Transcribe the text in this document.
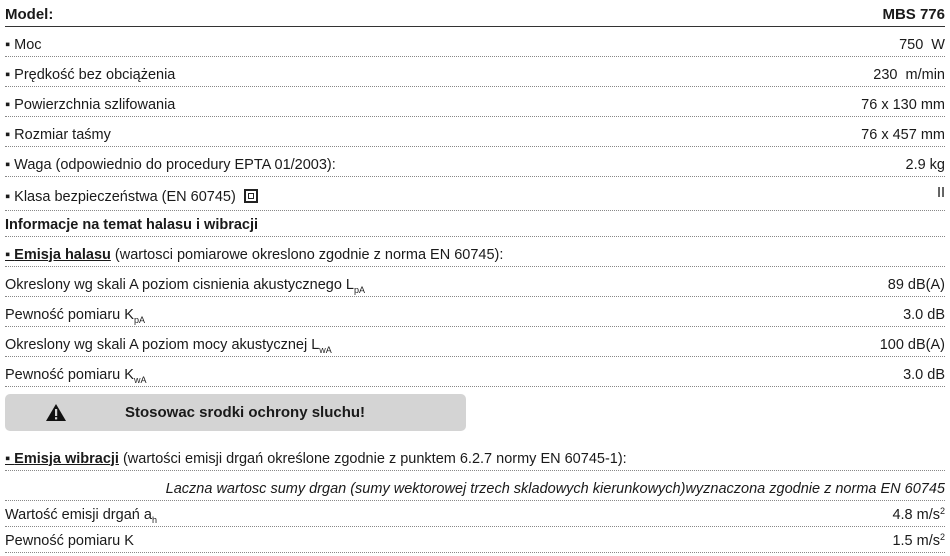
Model:	MBS 776
▪ Moc	750  W
▪ Prędkość bez obciążenia	230  m/min
▪ Powierzchnia szlifowania	76 x 130 mm
▪ Rozmiar taśmy	76 x 457 mm
▪ Waga (odpowiednio do procedury EPTA 01/2003):	2.9 kg
▪ Klasa bezpieczeństwa (EN 60745)	II
Informacje na temat halasu i wibracji
▪ Emisja halasu (wartosci pomiarowe okreslono zgodnie z norma EN 60745):
Okreslony wg skali A poziom cisnienia akustycznego $L_{pA}$	89 dB(A)
Pewność pomiaru $K_{pA}$	3.0 dB
Okreslony wg skali A poziom mocy akustycznej $L_{wA}$	100 dB(A)
Pewność pomiaru $K_{wA}$	3.0 dB
Stosowac srodki ochrony sluchu!
▪ Emisja wibracji (wartości emisji drgań określone zgodnie z punktem 6.2.7 normy EN 60745-1):
Laczna wartosc sumy drgan (sumy wektorowej trzech skladowych kierunkowych)wyznaczona zgodnie z norma EN 60745
Wartość emisji drgań $a_h$	4.8 $m/s^2$
Pewność pomiaru K	1.5 $m/s^2$
